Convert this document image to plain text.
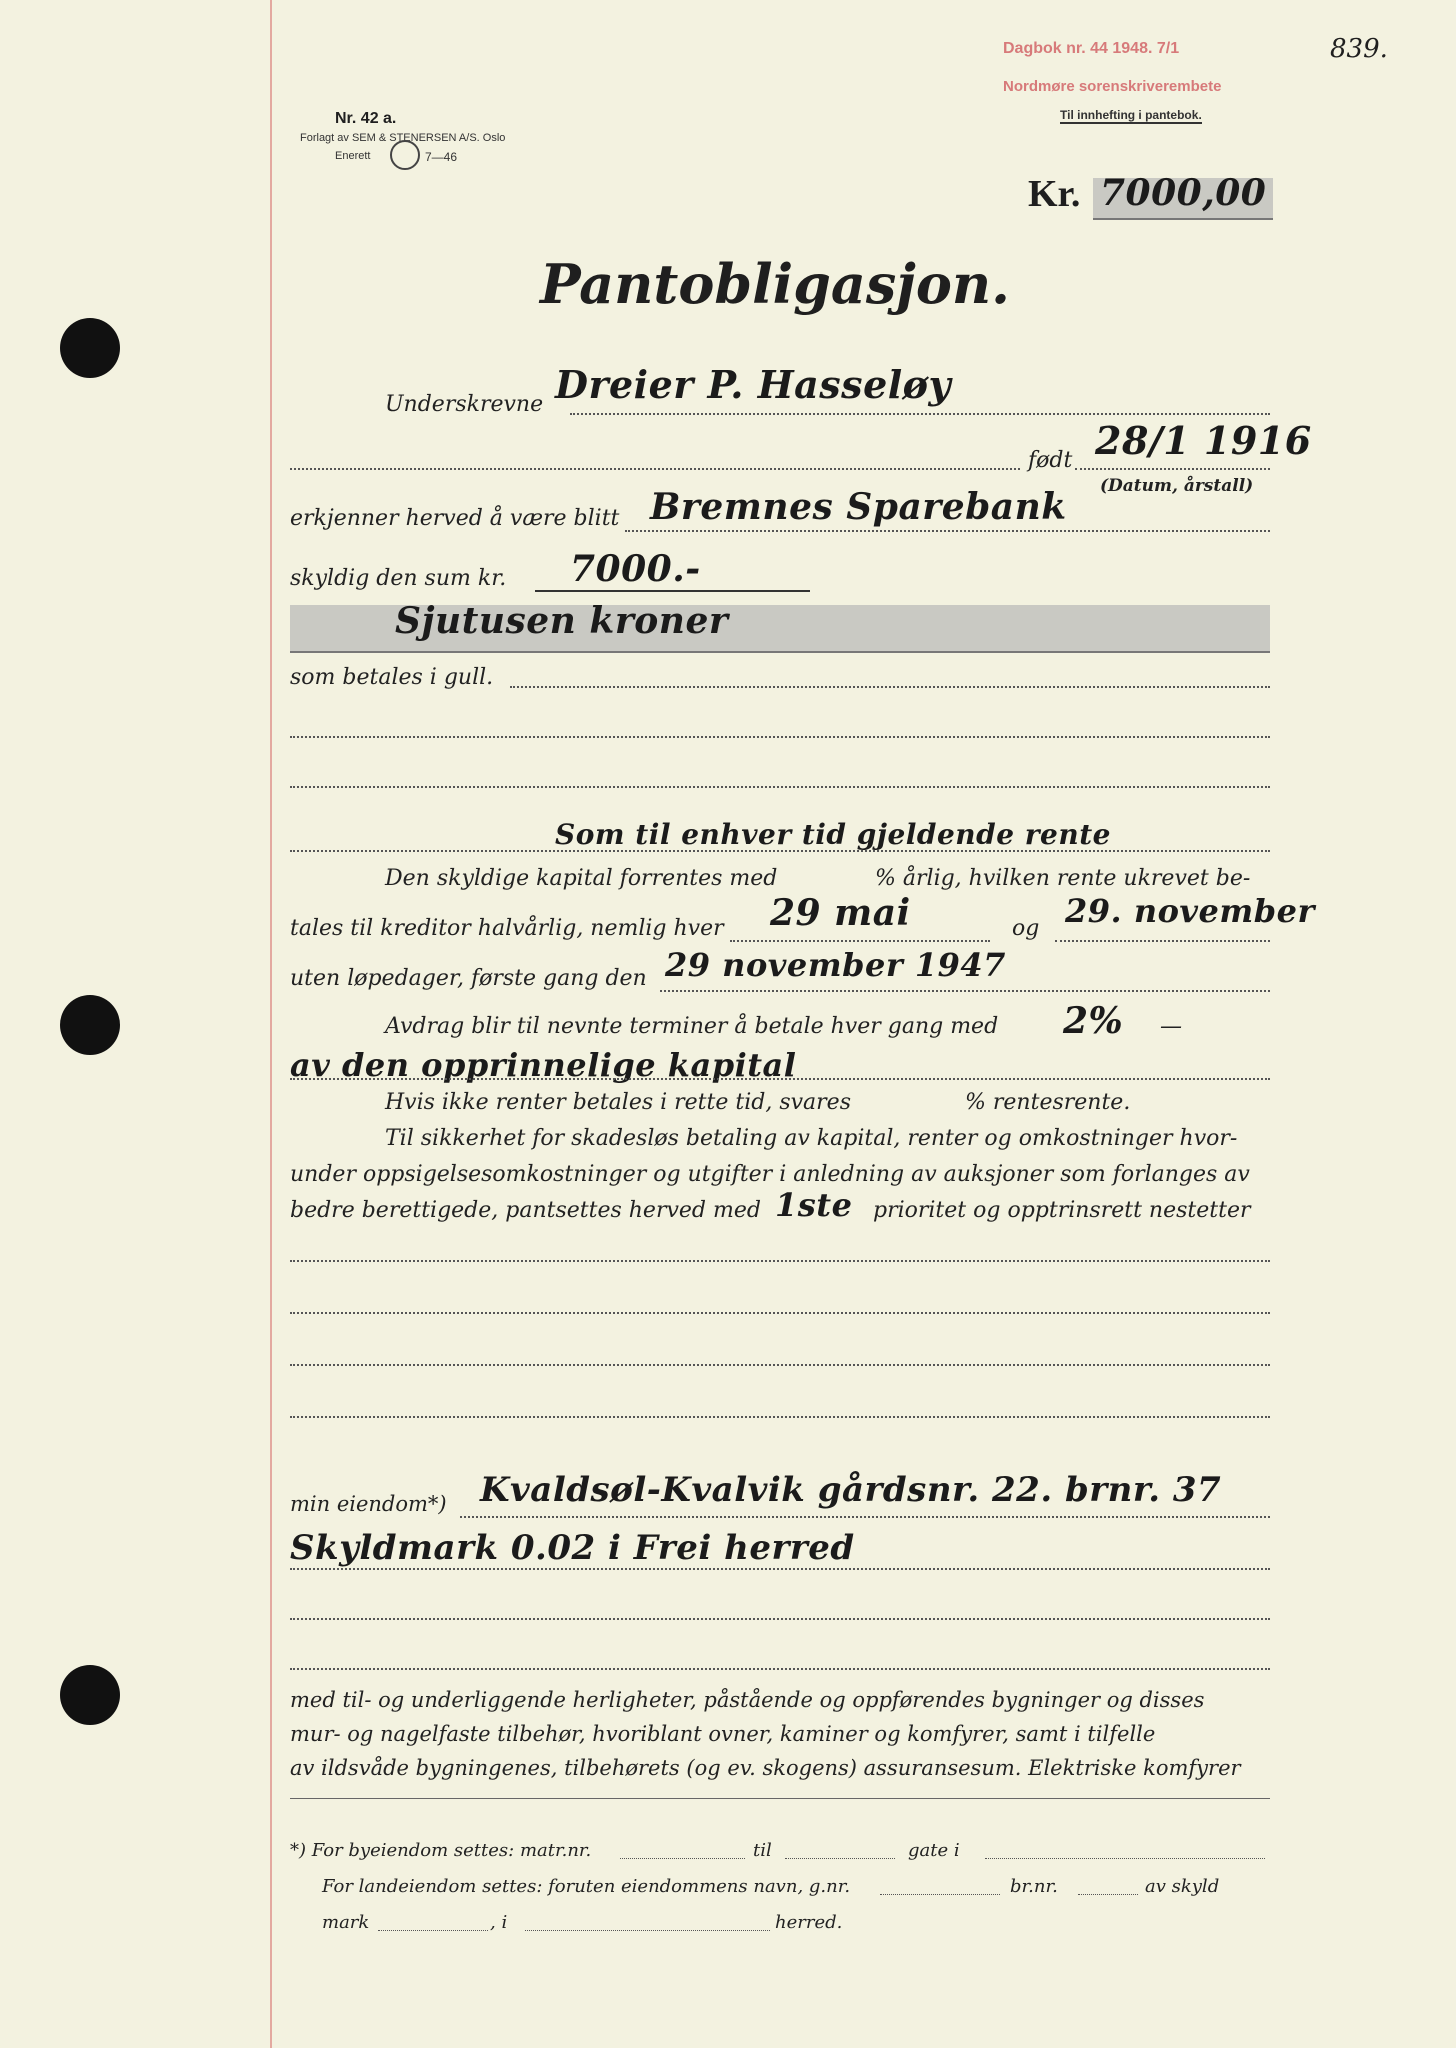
Nr. 42 a.
Forlagt av SEM & STENERSEN A/S. Oslo
Enerett	7—46
Dagbok nr. 44 1948. 7/1	839.
Nordmøre sorenskriverembete
Til innhefting i pantebok.
Kr. 7000,00
Pantobligasjon.
Underskrevne Dreier P. Hasseløy
født 28/1 1916
(Datum, årstall)
erkjenner herved å være blitt Bremnes Sparebank
skyldig den sum kr. 7000.-
Sjutusen kroner
som betales i gull.
Som til enhver tid gjeldende rente
Den skyldige kapital forrentes med	% årlig, hvilken rente ukrevet be-
tales til kreditor halvårlig, nemlig hver 29 mai	og 29. november
uten løpedager, første gang den 29 november 1947
Avdrag blir til nevnte terminer å betale hver gang med 2% —
av den opprinnelige kapital
Hvis ikke renter betales i rette tid, svares	% rentesrente.
Til sikkerhet for skadesløs betaling av kapital, renter og omkostninger hvor-
under oppsigelsesomkostninger og utgifter i anledning av auksjoner som forlanges av
bedre berettigede, pantsettes herved med 1ste prioritet og opptrinsrett nestetter
min eiendom*) Kvaldsøl-Kvalvik gårdsnr. 22. brnr. 37
Skyldmark 0.02 i Frei herred
med til- og underliggende herligheter, påstående og oppførendes bygninger og disses
mur- og nagelfaste tilbehør, hvoriblant ovner, kaminer og komfyrer, samt i tilfelle
av ildsvåde bygningenes, tilbehørets (og ev. skogens) assuransesum. Elektriske komfyrer
*) For byeiendom settes: matr.nr.	til	gate i
For landeiendom settes: foruten eiendommens navn, g.nr.	br.nr.	av skyld
mark	, i	herred.
